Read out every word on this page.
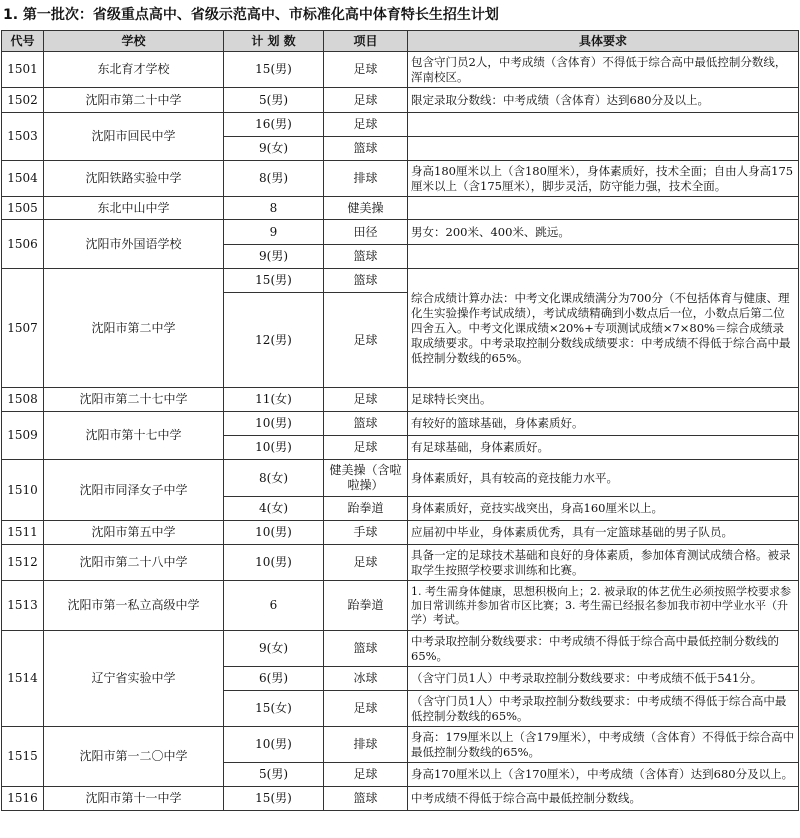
1. 第一批次：省级重点高中、省级示范高中、市标准化高中体育特长生招生计划
代号	学校	计 划 数	项目	具体要求
1501	东北育才学校	15(男)	足球	包含守门员2人，中考成绩（含体育）不得低于综合高中最低控制分数线，浑南校区。
1502	沈阳市第二十中学	5(男)	足球	限定录取分数线：中考成绩（含体育）达到680分及以上。
1503	沈阳市回民中学	16(男)	足球	
		9(女)	篮球	
1504	沈阳铁路实验中学	8(男)	排球	身高180厘米以上（含180厘米），身体素质好，技术全面；自由人身高175厘米以上（含175厘米），脚步灵活，防守能力强，技术全面。
1505	东北中山中学	8	健美操	
1506	沈阳市外国语学校	9	田径	男女：200米、400米、跳远。
		9(男)	篮球	
1507	沈阳市第二中学	15(男)	篮球	综合成绩计算办法：中考文化课成绩满分为700分（不包括体育与健康、理化生实验操作考试成绩），考试成绩精确到小数点后一位，小数点后第二位四舍五入。中考文化课成绩×20%+专项测试成绩×7×80%＝综合成绩录取成绩要求。中考录取控制分数线成绩要求：中考成绩不得低于综合高中最低控制分数线的65%。
		12(男)	足球	
1508	沈阳市第二十七中学	11(女)	足球	足球特长突出。
1509	沈阳市第十七中学	10(男)	篮球	有较好的篮球基础，身体素质好。
		10(男)	足球	有足球基础，身体素质好。
1510	沈阳市同泽女子中学	8(女)	健美操（含啦啦操）	身体素质好，具有较高的竞技能力水平。
		4(女)	跆拳道	身体素质好，竞技实战突出，身高160厘米以上。
1511	沈阳市第五中学	10(男)	手球	应届初中毕业，身体素质优秀，具有一定篮球基础的男子队员。
1512	沈阳市第二十八中学	10(男)	足球	具备一定的足球技术基础和良好的身体素质，参加体育测试成绩合格。被录取学生按照学校要求训练和比赛。
1513	沈阳市第一私立高级中学	6	跆拳道	1. 考生需身体健康，思想积极向上；2. 被录取的体艺优生必须按照学校要求参加日常训练并参加省市区比赛；3. 考生需已经报名参加我市初中学业水平（升学）考试。
1514	辽宁省实验中学	9(女)	篮球	中考录取控制分数线要求：中考成绩不得低于综合高中最低控制分数线的65%。
		6(男)	冰球	（含守门员1人）中考录取控制分数线要求：中考成绩不低于541分。
		15(女)	足球	（含守门员1人）中考录取控制分数线要求：中考成绩不得低于综合高中最低控制分数线的65%。
1515	沈阳市第一二〇中学	10(男)	排球	身高：179厘米以上（含179厘米），中考成绩（含体育）不得低于综合高中最低控制分数线的65%。
		5(男)	足球	身高170厘米以上（含170厘米），中考成绩（含体育）达到680分及以上。
1516	沈阳市第十一中学	15(男)	篮球	中考成绩不得低于综合高中最低控制分数线。
